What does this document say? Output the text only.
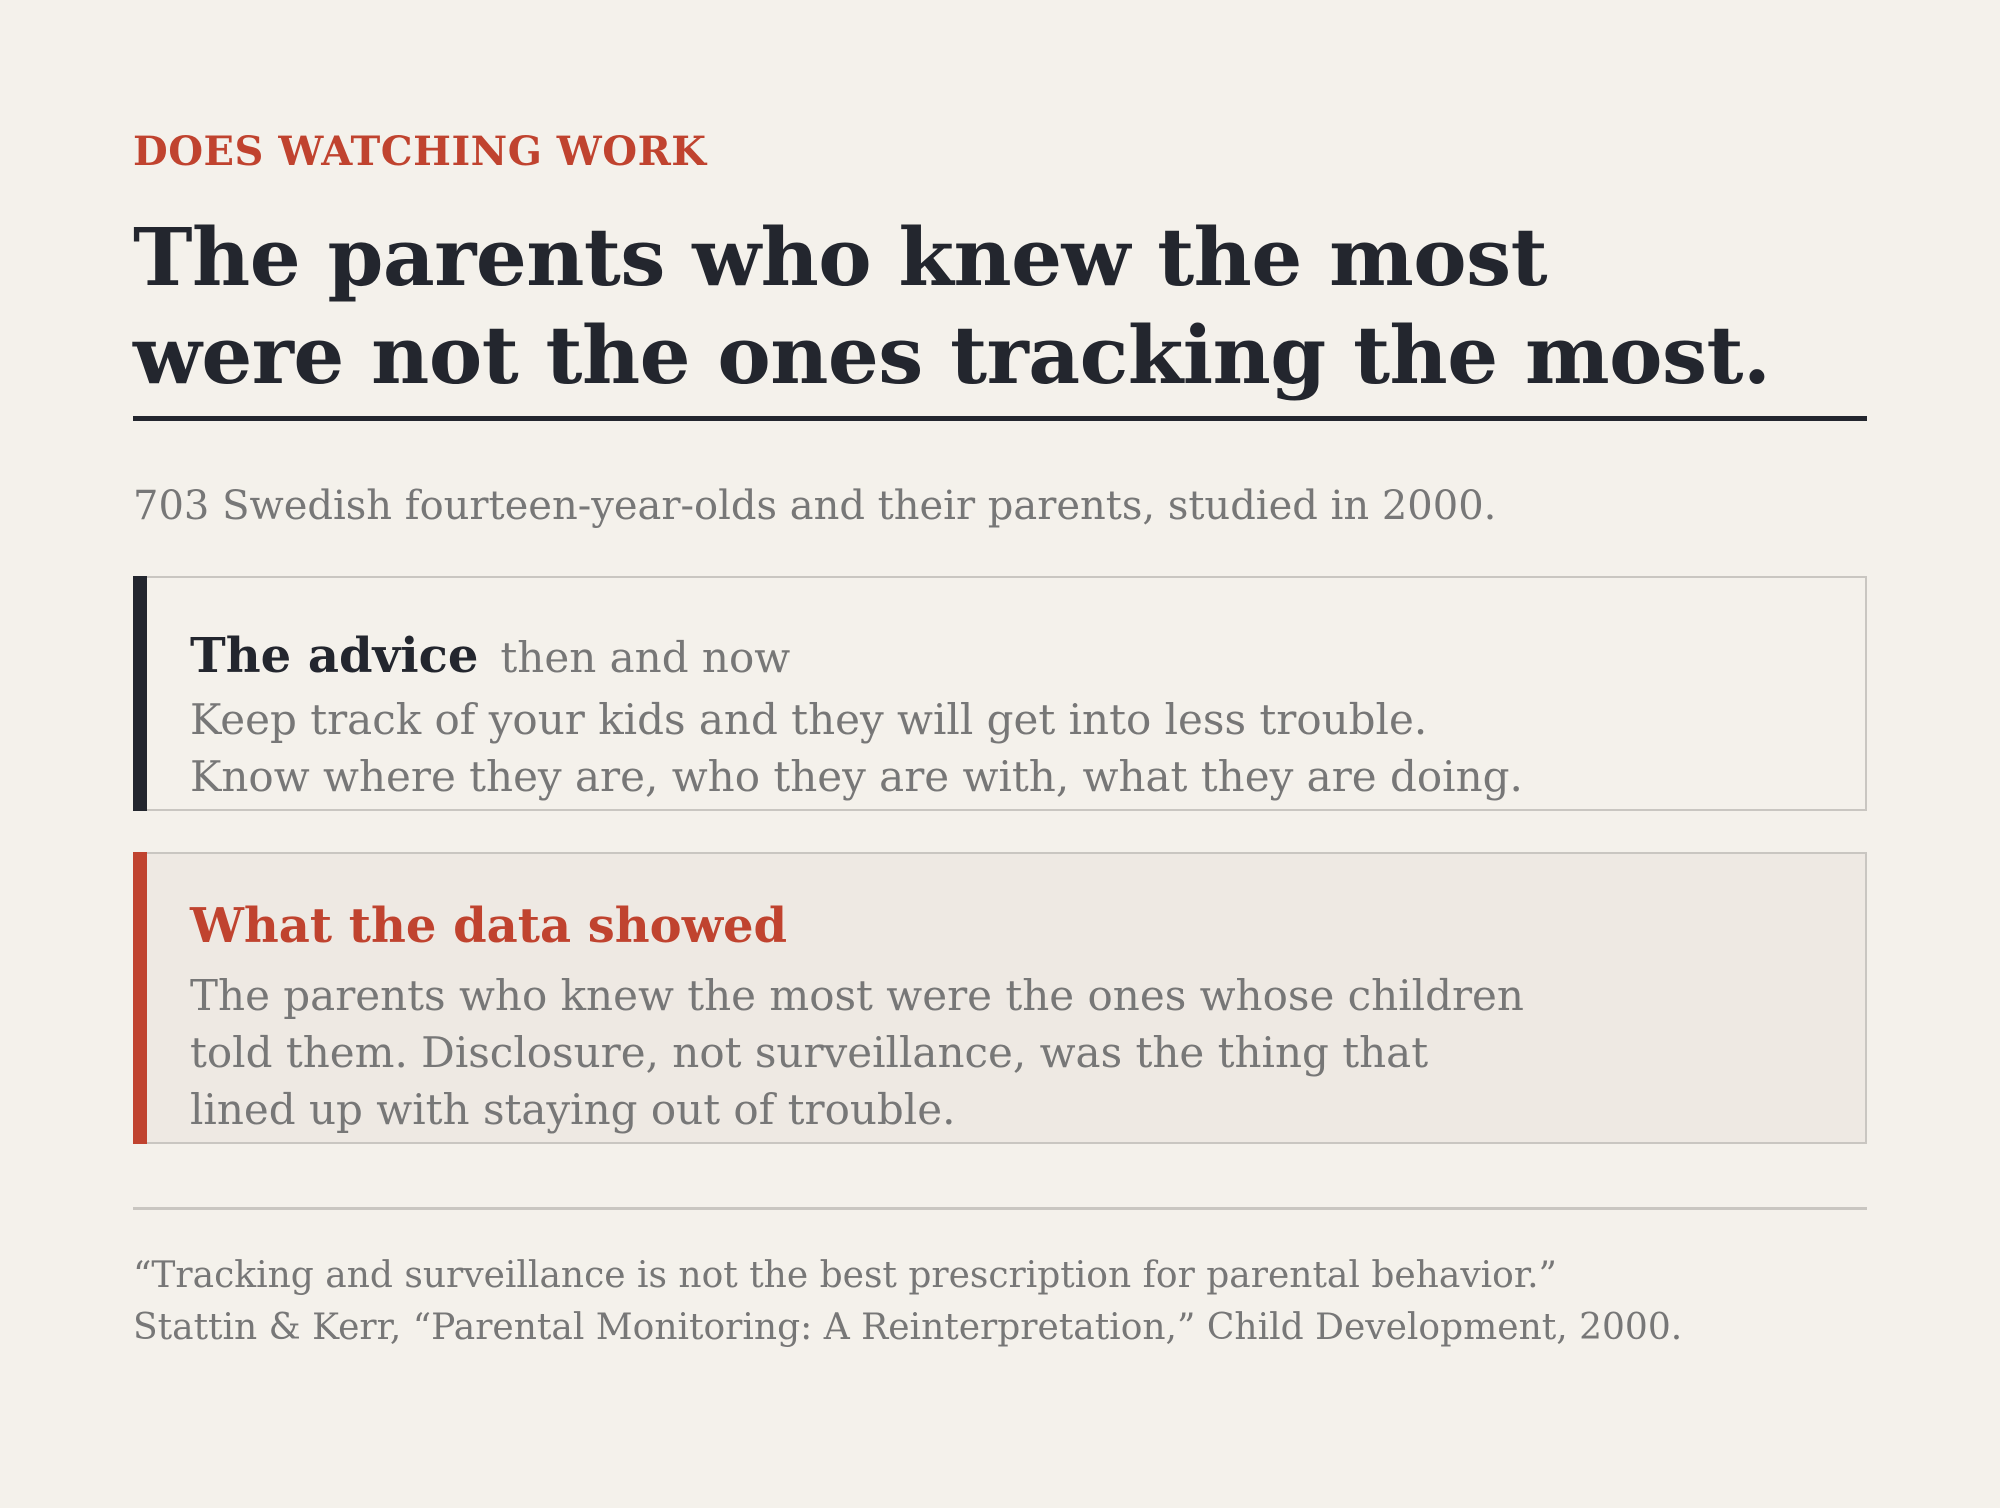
DOES WATCHING WORK
The parents who knew the most
were not the ones tracking the most.
703 Swedish fourteen-year-olds and their parents, studied in 2000.
The advice then and now
Keep track of your kids and they will get into less trouble.
Know where they are, who they are with, what they are doing.
What the data showed
The parents who knew the most were the ones whose children
told them. Disclosure, not surveillance, was the thing that
lined up with staying out of trouble.
“Tracking and surveillance is not the best prescription for parental behavior.”
Stattin & Kerr, “Parental Monitoring: A Reinterpretation,” Child Development, 2000.
